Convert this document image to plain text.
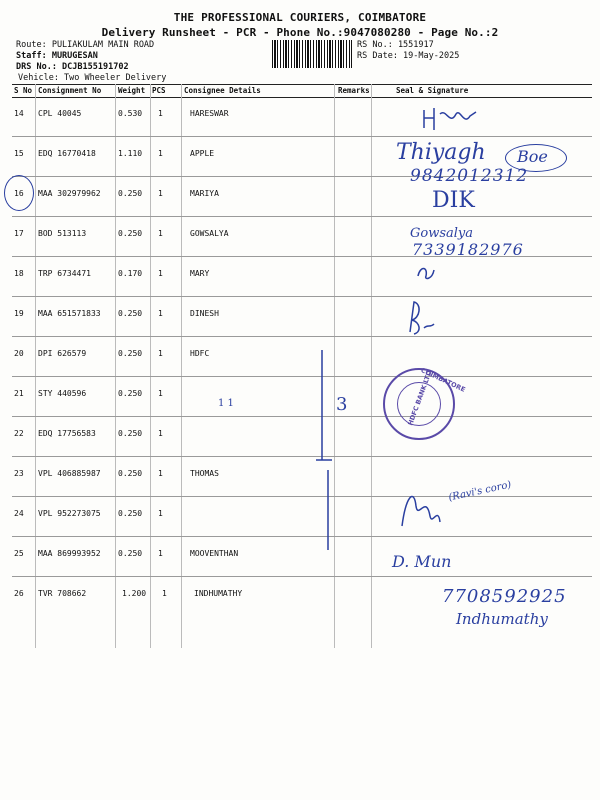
THE PROFESSIONAL COURIERS, COIMBATORE
Delivery Runsheet - PCR - Phone No.:9047080280 - Page No.:2
Route: PULIAKULAM MAIN ROAD
Staff: MURUGESAN
DRS No.: DCJB155191702
Vehicle: Two Wheeler Delivery
RS No.: 1551917
RS Date: 19-May-2025
S No Consignment No Weight PCS Consignee Details	Remarks	Seal & Signature
14 CPL 40045	0.530 1	HARESWAR
15 EDQ 16770418	1.110 1	APPLE
16 MAA 302979962 0.250 1	MARIYA
17 BOD 513113	0.250 1	GOWSALYA
18 TRP 6734471	0.170 1	MARY
19 MAA 651571833 0.250 1	DINESH
20 DPI 626579	0.250 1	HDFC
21 STY 440596	0.250 1
22 EDQ 17756583	0.250 1
23 VPL 406885987 0.250 1	THOMAS
24 VPL 952273075 0.250 1
25 MAA 869993952 0.250 1	MOOVENTHAN
26 TVR 708662	1.200 1	INDHUMATHY
Thiyagh Boe
9842012312
DIK
Gowsalya
7339182976
1 1	3	HDFC BANK LTD
COIMBATORE
(Ravi's coro)
D. Mun
7708592925
Indhumathy
